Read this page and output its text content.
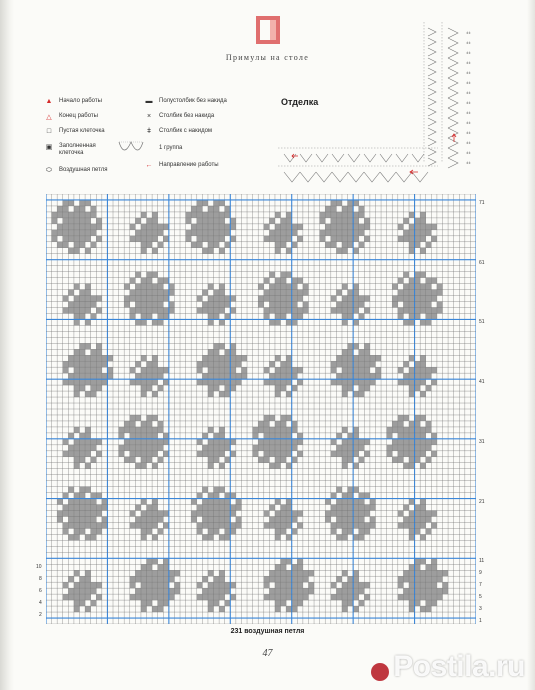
Примулы на столе
▲ Начало работы
△	Конец работы
□	Пустая клеточка
▣ Заполненная клеточка
⬭	Воздушная петля
▬ Полустолбик без накида
×	Столбик без накида
ǂ	Столбик с накидом
1 группа
← Направление работы
Отделка
ǂǂ
ǂǂ
ǂǂ
ǂǂ
ǂǂ
ǂǂ
ǂǂ
ǂǂ
ǂǂ
ǂǂ
ǂǂ
ǂǂ
ǂǂ
ǂǂ
71
61
51
41
31
21
11
9
7
5
3
1
10
8
6
4
2
231 воздушная петля
47	Postila.ru
